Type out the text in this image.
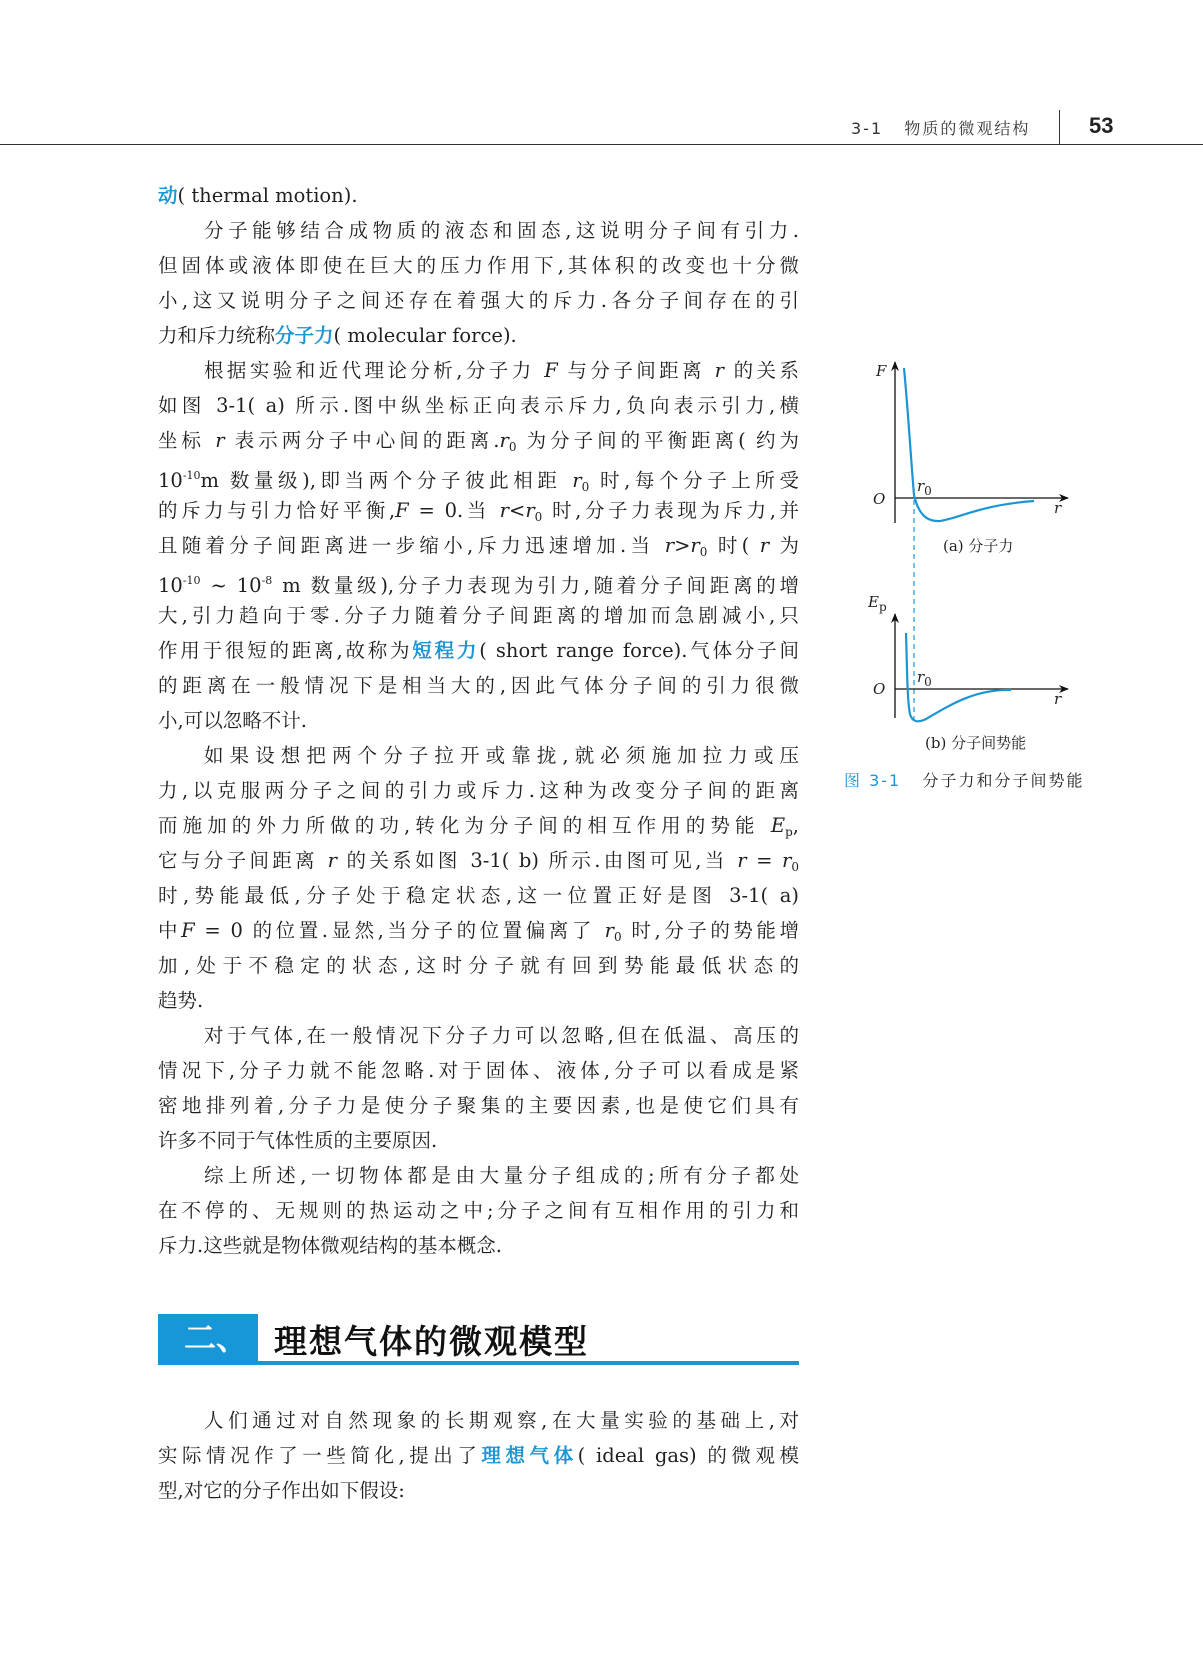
3-1   物质的微观结构	53
动( thermal motion).
分子能够结合成物质的液态和固态,这说明分子间有引力.
但固体或液体即使在巨大的压力作用下,其体积的改变也十分微
小,这又说明分子之间还存在着强大的斥力.各分子间存在的引
力和斥力统称分子力( molecular force).
根据实验和近代理论分析,分子力 F 与分子间距离 r 的关系
如图 3-1( a) 所示.图中纵坐标正向表示斥力,负向表示引力,横
坐标 r 表示两分子中心间的距离$.r_0$ 为分子间的平衡距离( 约为
$10^{-10}m$ 数量级),即当两个分子彼此相距 $r_0$ 时,每个分子上所受
的斥力与引力恰好平衡,F = 0.当 $r<r_0$ 时,分子力表现为斥力,并
且随着分子间距离进一步缩小,斥力迅速增加.当 $r>r_0$ 时( r 为
$10^{-10}$ ~ $10^{-8}$ m 数量级),分子力表现为引力,随着分子间距离的增
大,引力趋向于零.分子力随着分子间距离的增加而急剧减小,只
作用于很短的距离,故称为短程力( short range force).气体分子间
的距离在一般情况下是相当大的,因此气体分子间的引力很微
小,可以忽略不计.
如果设想把两个分子拉开或靠拢,就必须施加拉力或压
力,以克服两分子之间的引力或斥力.这种为改变分子间的距离
而施加的外力所做的功,转化为分子间的相互作用的势能 $E_p$,
它与分子间距离 r 的关系如图 3-1( b) 所示.由图可见,当 $r = r_0$
时,势能最低,分子处于稳定状态,这一位置正好是图 3-1( a)
中F = 0 的位置.显然,当分子的位置偏离了 $r_0$ 时,分子的势能增
加,处于不稳定的状态,这时分子就有回到势能最低状态的
趋势.
对于气体,在一般情况下分子力可以忽略,但在低温、高压的
情况下,分子力就不能忽略.对于固体、液体,分子可以看成是紧
密地排列着,分子力是使分子聚集的主要因素,也是使它们具有
许多不同于气体性质的主要原因.
综上所述,一切物体都是由大量分子组成的;所有分子都处
在不停的、无规则的热运动之中;分子之间有互相作用的引力和
斥力.这些就是物体微观结构的基本概念.
二、 理想气体的微观模型
人们通过对自然现象的长期观察,在大量实验的基础上,对
实际情况作了一些简化,提出了理想气体( ideal gas) 的微观模
型,对它的分子作出如下假设:
F
O	r
$r_0$
(a) 分子力
$E_p$
O
r
$r_0$
(b) 分子间势能
图 3-1 分子力和分子间势能
